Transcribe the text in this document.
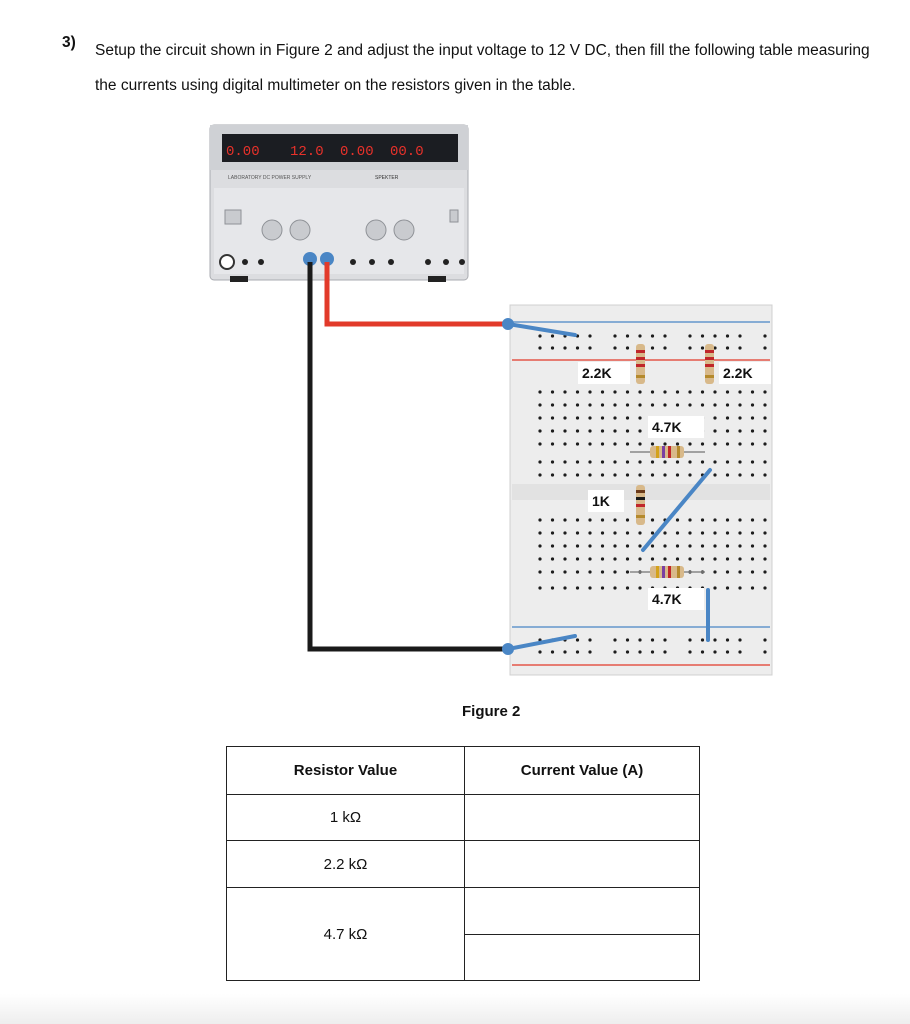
3) Setup the circuit shown in Figure 2 and adjust the input voltage to 12 V DC, then fill the following table measuring the currents using digital multimeter on the resistors given in the table.
0.00 12.0 0.00 00.0
LABORATORY DC POWER SUPPLY	SPEKTER
2.2K	2.2K
4.7K
1K
4.7K
Figure 2
Resistor Value	Current Value (A)
1 kΩ	
2.2 kΩ	
4.7 kΩ	
